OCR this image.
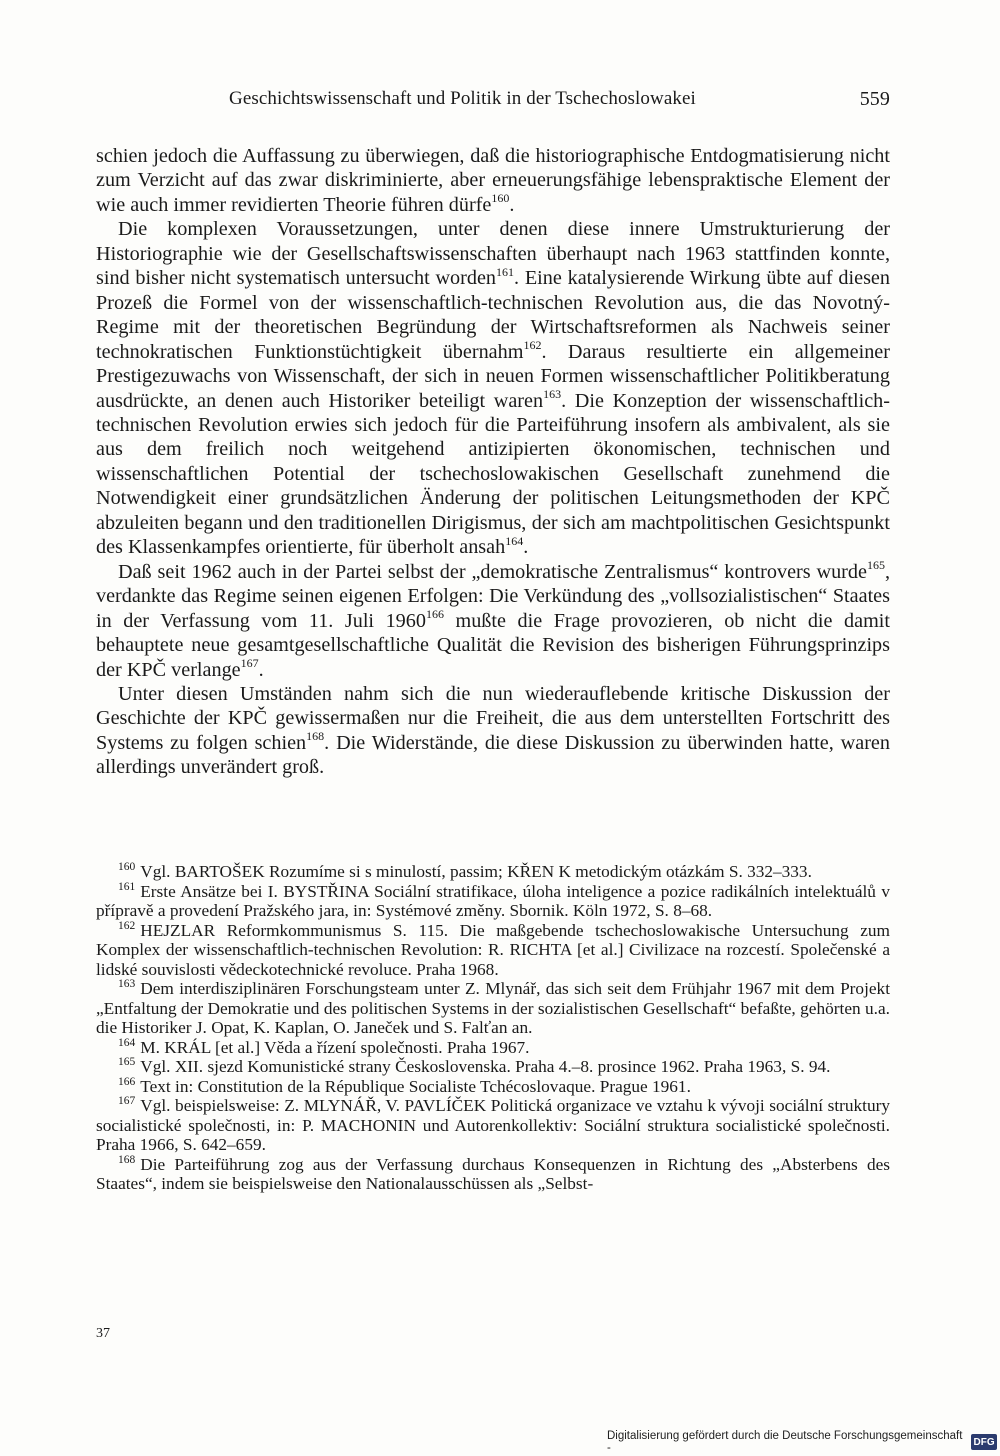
Geschichtswissenschaft und Politik in der Tschechoslowakei	559

schien jedoch die Auffassung zu überwiegen, daß die historiographische Entdogmatisierung nicht zum Verzicht auf das zwar diskriminierte, aber erneuerungsfähige lebenspraktische Element der wie auch immer revidierten Theorie führen dürfe$^{160}$.

Die komplexen Voraussetzungen, unter denen diese innere Umstrukturierung der Historiographie wie der Gesellschaftswissenschaften überhaupt nach 1963 stattfinden konnte, sind bisher nicht systematisch untersucht worden$^{161}$. Eine katalysierende Wirkung übte auf diesen Prozeß die Formel von der wissenschaftlich-technischen Revolution aus, die das Novotný-Regime mit der theoretischen Begründung der Wirtschaftsreformen als Nachweis seiner technokratischen Funktionstüchtigkeit übernahm$^{162}$. Daraus resultierte ein allgemeiner Prestigezuwachs von Wissenschaft, der sich in neuen Formen wissenschaftlicher Politikberatung ausdrückte, an denen auch Historiker beteiligt waren$^{163}$. Die Konzeption der wissenschaftlich-technischen Revolution erwies sich jedoch für die Parteiführung insofern als ambivalent, als sie aus dem freilich noch weitgehend antizipierten ökonomischen, technischen und wissenschaftlichen Potential der tschechoslowakischen Gesellschaft zunehmend die Notwendigkeit einer grundsätzlichen Änderung der politischen Leitungsmethoden der KPČ abzuleiten begann und den traditionellen Dirigismus, der sich am machtpolitischen Gesichtspunkt des Klassenkampfes orientierte, für überholt ansah$^{164}$.

Daß seit 1962 auch in der Partei selbst der „demokratische Zentralismus“ kontrovers wurde$^{165}$, verdankte das Regime seinen eigenen Erfolgen: Die Verkündung des „vollsozialistischen“ Staates in der Verfassung vom 11. Juli 1960$^{166}$ mußte die Frage provozieren, ob nicht die damit behauptete neue gesamtgesellschaftliche Qualität die Revision des bisherigen Führungsprinzips der KPČ verlange$^{167}$.

Unter diesen Umständen nahm sich die nun wiederauflebende kritische Diskussion der Geschichte der KPČ gewissermaßen nur die Freiheit, die aus dem unterstellten Fortschritt des Systems zu folgen schien$^{168}$. Die Widerstände, die diese Diskussion zu überwinden hatte, waren allerdings unverändert groß.

$^{160}$ Vgl. BARTOŠEK Rozumíme si s minulostí, passim; KŘEN K metodickým otázkám S. 332–333.

$^{161}$ Erste Ansätze bei I. BYSTŘINA Sociální stratifikace, úloha inteligence a pozice radikálních intelektuálů v přípravě a provedení Pražského jara, in: Systémové změny. Sbornik. Köln 1972, S. 8–68.

$^{162}$ HEJZLAR Reformkommunismus S. 115. Die maßgebende tschechoslowakische Untersuchung zum Komplex der wissenschaftlich-technischen Revolution: R. RICHTA [et al.] Civilizace na rozcestí. Společenské a lidské souvislosti vědeckotechnické revoluce. Praha 1968.

$^{163}$ Dem interdisziplinären Forschungsteam unter Z. Mlynář, das sich seit dem Frühjahr 1967 mit dem Projekt „Entfaltung der Demokratie und des politischen Systems in der sozialistischen Gesellschaft“ befaßte, gehörten u.a. die Historiker J. Opat, K. Kaplan, O. Janeček und S. Falťan an.

$^{164}$ M. KRÁL [et al.] Věda a řízení společnosti. Praha 1967.

$^{165}$ Vgl. XII. sjezd Komunistické strany Československa. Praha 4.–8. prosince 1962. Praha 1963, S. 94.

$^{166}$ Text in: Constitution de la République Socialiste Tchécoslovaque. Prague 1961.

$^{167}$ Vgl. beispielsweise: Z. MLYNÁŘ, V. PAVLÍČEK Politická organizace ve vztahu k vývoji sociální struktury socialistické společnosti, in: P. MACHONIN und Autorenkollektiv: Sociální struktura socialistické společnosti. Praha 1966, S. 642–659.

$^{168}$ Die Parteiführung zog aus der Verfassung durchaus Konsequenzen in Richtung des „Absterbens des Staates“, indem sie beispielsweise den Nationalausschüssen als „Selbst-

37
Digitalisierung gefördert durch die Deutsche Forschungsgemeinschaft -	DFG
